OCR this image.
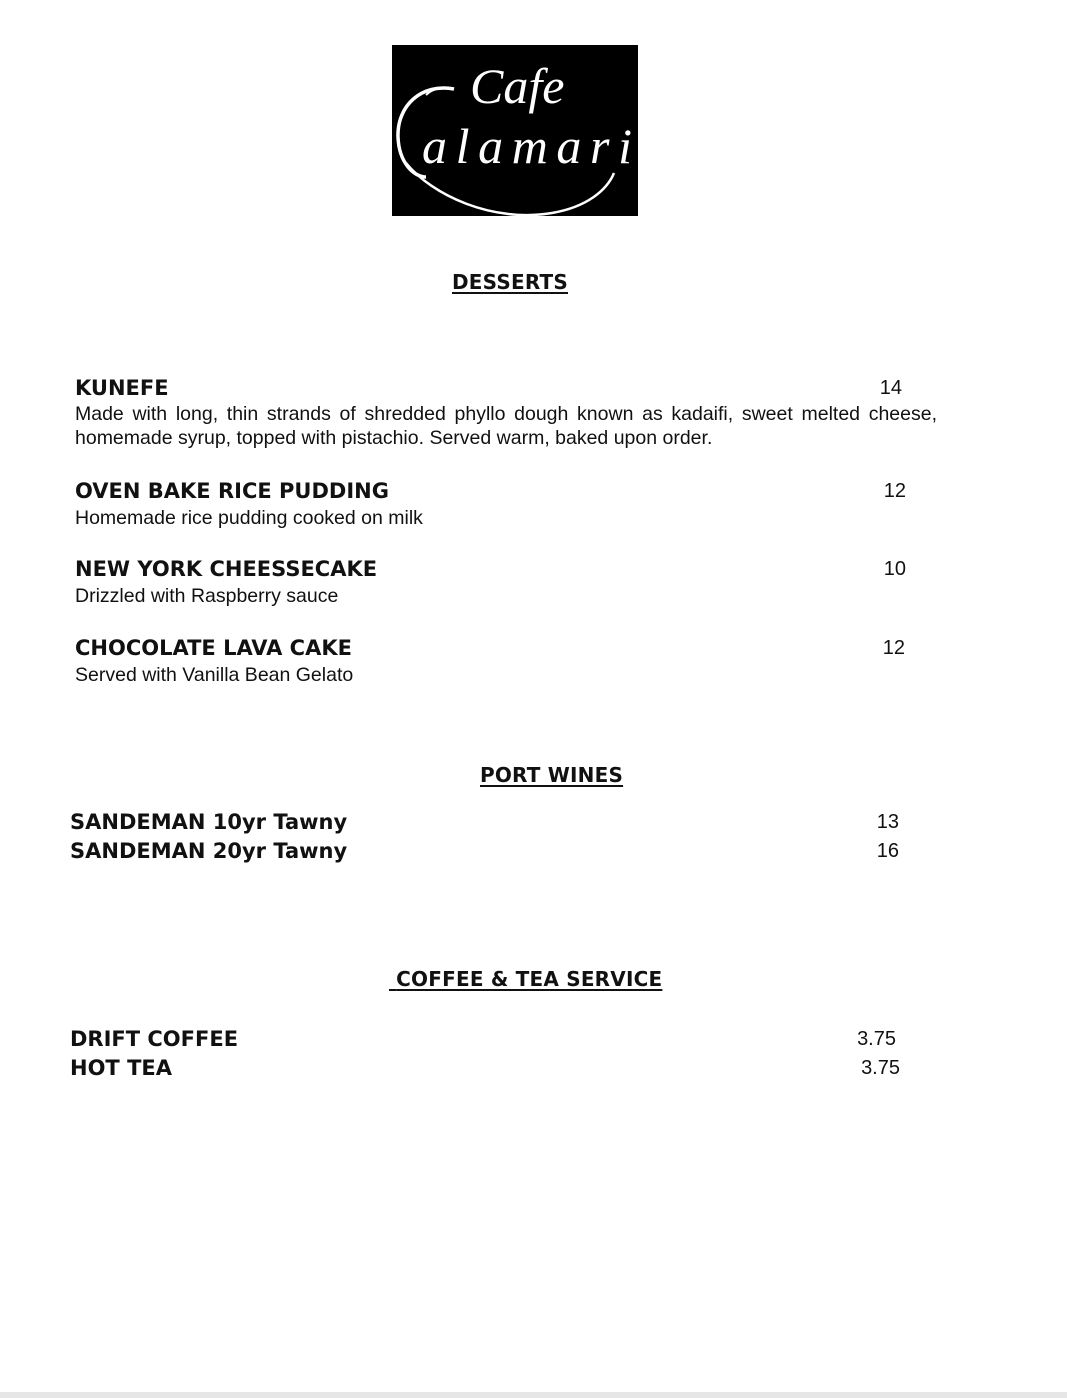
Cafe
alamari
DESSERTS
KUNEFE	14
Made with long, thin strands of shredded phyllo dough known as kadaifi, sweet melted cheese, homemade syrup, topped with pistachio. Served warm, baked upon order.
OVEN BAKE RICE PUDDING	12
Homemade rice pudding cooked on milk
NEW YORK CHEESSECAKE	10
Drizzled with Raspberry sauce
CHOCOLATE LAVA CAKE	12
Served with Vanilla Bean Gelato
PORT WINES
SANDEMAN 10yr Tawny	13
SANDEMAN 20yr Tawny	16
COFFEE & TEA SERVICE
DRIFT COFFEE	3.75
HOT TEA	3.75
